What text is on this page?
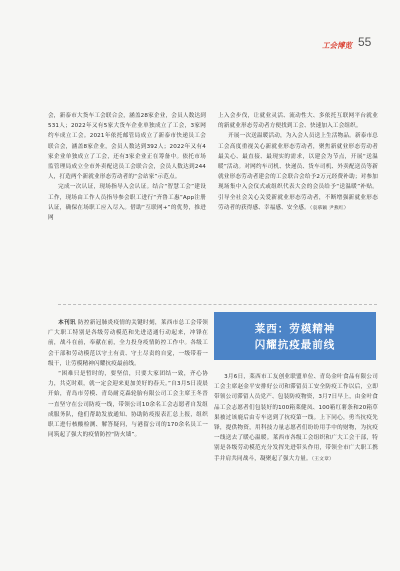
工会博览 55

会，新泰市大货车工会联合会，涵盖28家企业，会员人数达到531人；2022年又有5家大货车企业单独成立了工会，3家网约车成立工会。2021年依托邮管局成立了新泰市快递员工会联合会，涵盖8家企业，会员人数达到392人；2022年又有4家企业单独成立了工会，还有3家企业正在筹备中。依托市场监管理局成立全市外卖配送员工会联合会，会员人数达到244人，打造两个新就业形态劳动者的“会站家”示范点。

完成一次认证，现场指导入会认证。结合“智慧工会”建设工作，现场由工作人员指导参会职工进行“齐鲁工惠”App注册认证，确保在场职工应入尽入。借助“互联网+”的优势，推进网

上入会步伐，让就业灵活、流动性大、多依托互联网平台就业的新就业形态劳动者方便找到工会、快速加入工会组织。

开展一次送温暖活动，为入会人员送上生活物品。新泰市总工会高度重视关心新就业形态劳动者，聚焦新就业形态劳动者最关心、最直接、最现实的需求，以建会为节点，开展“送温暖”活动。对网约车司机、快递员、货车司机、外卖配送员等新就业形态劳动者建会的工会联合会给予2万元经费补助；对参加现场集中入会仪式或组织代表大会的会员给予“送温暖”补贴。引导全社会关心关爱新就业形态劳动者，不断增强新就业形态劳动者的获得感、幸福感、安全感。（袁慕颖 尹燕红）

本刊讯 防控新冠肺炎疫情的关键时刻，莱西市总工会带领广大职工特别是各级劳动模范和先进适通行动起来，冲锋在前，战斗在前，奉献在前，全力投身疫情防控工作中。各级工会干部和劳动模范以守土有责、守土尽责的自觉，一级带着一级干，让劳模精神闪耀抗疫最前线。

“困难只是暂时的，要坚信，只要大家团结一致，齐心协力，共克时艰，就一定会迎来更加美好的春天。”自3月5日凌晨开始，青岛市劳模、青岛耐克森轮胎有限公司工会主席王冬晋一直坚守在公司防疫一线，带领公司10余名工会志愿者自发组成服务队，他们帮助发放通知、协助防疫报表汇总上报，组织职工进行核酸检测、解答疑问，与港留公司的170余名员工一同筑起了强大的疫情防控“防火墙”。

莱西：劳模精神
闪耀抗疫最前线

3月6日，莱西市工友创业联盟单位、青岛金叶食品有限公司工会主席赵金平安排好公司和滞留员工安全防疫工作以后，立即带领公司滞留人员党产、包装防疫物资，3月7日早上，由金叶食品工会志愿者们包装好的100箱莱健凤、100箱红薯条和20箱草果被过该鹿后由专车送到了抗疫第一线。上下同心，勇当抗疫先锋，提供物资，用科技力量志愿者们纷纷用手中的财物，为抗疫一线送去了暖心温暖。莱西市各级工会组织和广大工会干部，特别是各级劳动模范充分发挥先进带头作用，带领全市广大职工携手并肩共同战斗，凝聚起了强大力量。（王文章）
